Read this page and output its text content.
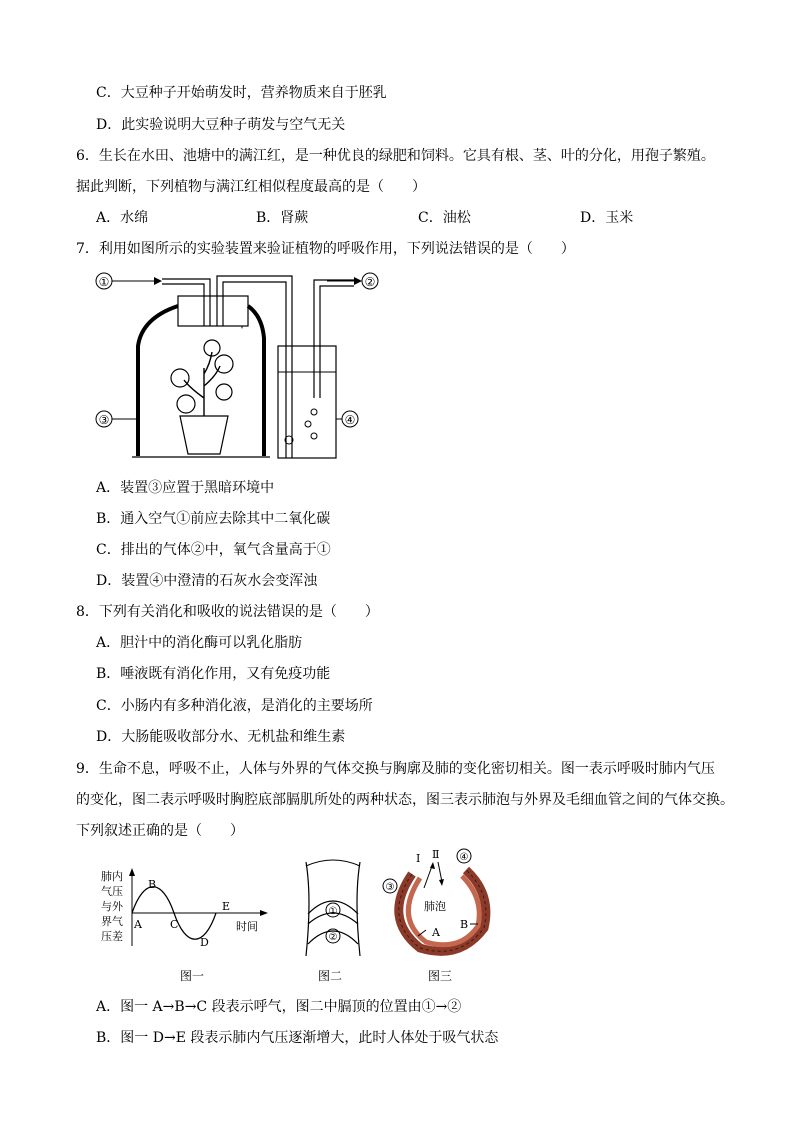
C．大豆种子开始萌发时，营养物质来自于胚乳
D．此实验说明大豆种子萌发与空气无关
6．生长在水田、池塘中的满江红，是一种优良的绿肥和饲料。它具有根、茎、叶的分化，用孢子繁殖。
据此判断，下列植物与满江红相似程度最高的是（　　）
A．水绵	B．肾蕨	C．油松	D．玉米
7．利用如图所示的实验装置来验证植物的呼吸作用，下列说法错误的是（　　）
①	②
③	④
A．装置③应置于黑暗环境中
B．通入空气①前应去除其中二氧化碳
C．排出的气体②中，氧气含量高于①
D．装置④中澄清的石灰水会变浑浊
8．下列有关消化和吸收的说法错误的是（　　）
A．胆汁中的消化酶可以乳化脂肪
B．唾液既有消化作用，又有免疫功能
C．小肠内有多种消化液，是消化的主要场所
D．大肠能吸收部分水、无机盐和维生素
9．生命不息，呼吸不止，人体与外界的气体交换与胸廓及肺的变化密切相关。图一表示呼吸时肺内气压
的变化，图二表示呼吸时胸腔底部膈肌所处的两种状态，图三表示肺泡与外界及毛细血管之间的气体交换。
下列叙述正确的是（　　）
肺内
气压
与外
界气
压差
A
B
C
D
E
时间
图一
①
②
图二
Ⅰ Ⅱ
③
④
肺泡
A
B
图三
A．图一 A→B→C 段表示呼气，图二中膈顶的位置由①→②
B．图一 D→E 段表示肺内气压逐渐增大，此时人体处于吸气状态
